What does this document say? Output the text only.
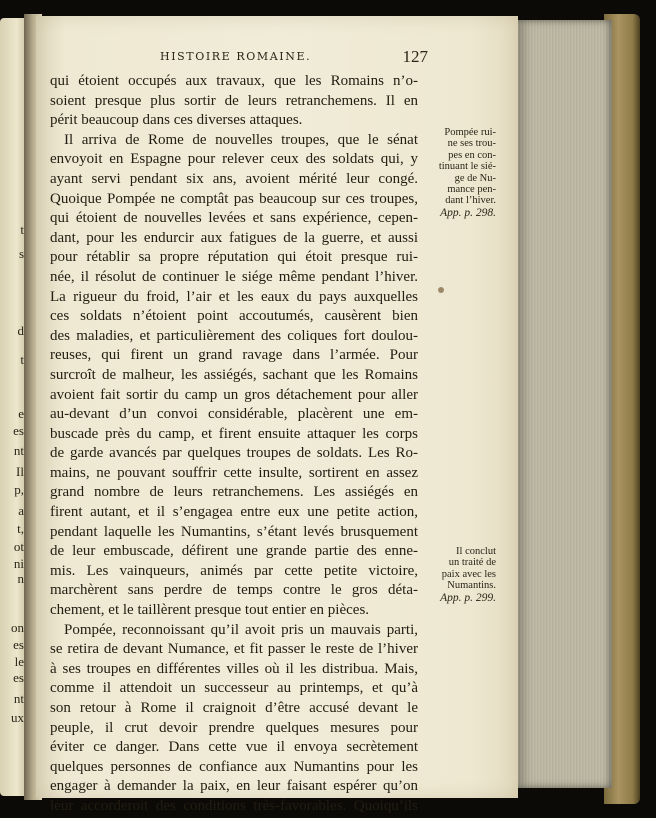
t
s
d
t
e
es
nt
Il
p,
a
t,
ot
ni
n
on
es
le
es
nt
ux
HISTOIRE ROMAINE.	127
qui étoient occupés aux travaux, que les Romains n’o-
soient presque plus sortir de leurs retranchemens. Il en
périt beaucoup dans ces diverses attaques.
Il arriva de Rome de nouvelles troupes, que le sénat
envoyoit en Espagne pour relever ceux des soldats qui, y
ayant servi pendant six ans, avoient mérité leur congé.
Quoique Pompée ne comptât pas beaucoup sur ces troupes,
qui étoient de nouvelles levées et sans expérience, cepen-
dant, pour les endurcir aux fatigues de la guerre, et aussi
pour rétablir sa propre réputation qui étoit presque rui-
née, il résolut de continuer le siége même pendant l’hiver.
La rigueur du froid, l’air et les eaux du pays auxquelles
ces soldats n’étoient point accoutumés, causèrent bien
des maladies, et particulièrement des coliques fort doulou-
reuses, qui firent un grand ravage dans l’armée. Pour
surcroît de malheur, les assiégés, sachant que les Romains
avoient fait sortir du camp un gros détachement pour aller
au-devant d’un convoi considérable, placèrent une em-
buscade près du camp, et firent ensuite attaquer les corps
de garde avancés par quelques troupes de soldats. Les Ro-
mains, ne pouvant souffrir cette insulte, sortirent en assez
grand nombre de leurs retranchemens. Les assiégés en
firent autant, et il s’engagea entre eux une petite action,
pendant laquelle les Numantins, s’étant levés brusquement
de leur embuscade, défirent une grande partie des enne-
mis. Les vainqueurs, animés par cette petite victoire,
marchèrent sans perdre de temps contre le gros déta-
chement, et le taillèrent presque tout entier en pièces.
Pompée, reconnoissant qu’il avoit pris un mauvais parti,
se retira de devant Numance, et fit passer le reste de l’hiver
à ses troupes en différentes villes où il les distribua. Mais,
comme il attendoit un successeur au printemps, et qu’à
son retour à Rome il craignoit d’être accusé devant le
peuple, il crut devoir prendre quelques mesures pour
éviter ce danger. Dans cette vue il envoya secrètement
quelques personnes de confiance aux Numantins pour les
engager à demander la paix, en leur faisant espérer qu’on
leur accorderoit des conditions très-favorables. Quoiqu’ils
Pompée rui-
ne ses trou-
pes en con-
tinuant le sié-
ge de Nu-
mance pen-
dant l’hiver.
App. p. 298.
Il conclut
un traité de
paix avec les
Numantins.
App. p. 299.
